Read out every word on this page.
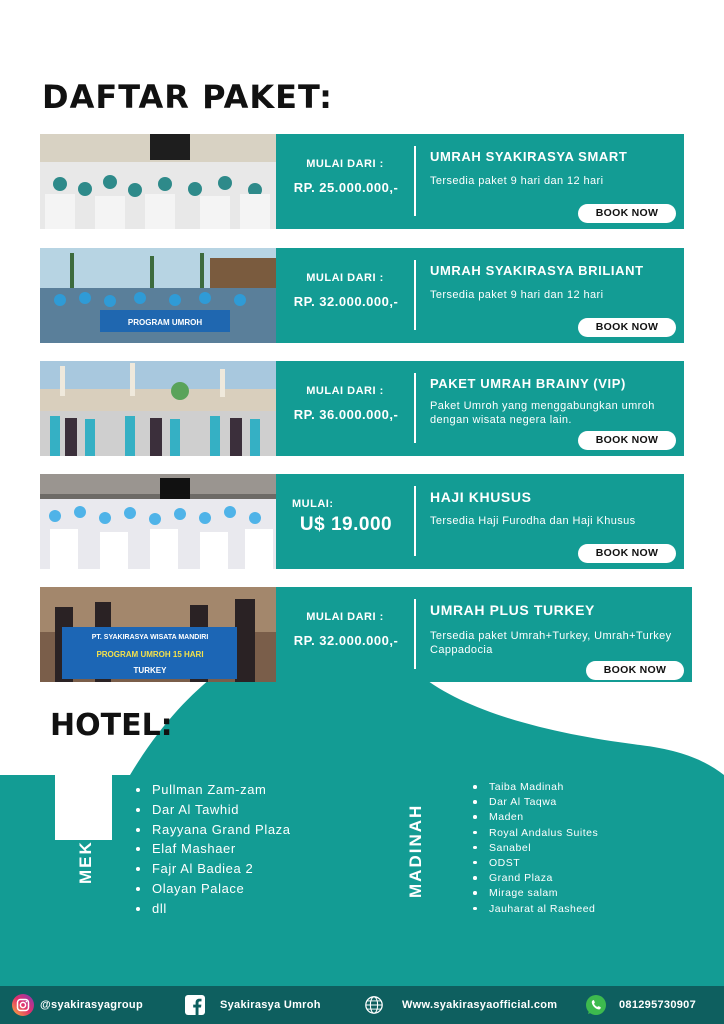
DAFTAR PAKET:
MULAI DARI :
RP. 25.000.000,-
UMRAH SYAKIRASYA SMART
Tersedia paket 9 hari dan 12 hari
BOOK NOW
PROGRAM UMROH
MULAI DARI :
RP. 32.000.000,-
UMRAH SYAKIRASYA BRILIANT
Tersedia paket 9 hari dan 12 hari
BOOK NOW
MULAI DARI :
RP. 36.000.000,-
PAKET UMRAH BRAINY (VIP)
Paket Umroh yang menggabungkan umroh dengan wisata negera lain.
BOOK NOW
MULAI:
U$ 19.000
HAJI KHUSUS
Tersedia Haji Furodha dan Haji Khusus
BOOK NOW
PT. SYAKIRASYA WISATA MANDIRI
PROGRAM UMROH 15 HARI
TURKEY
MULAI DARI :
RP. 32.000.000,-
UMRAH PLUS TURKEY
Tersedia paket Umrah+Turkey, Umrah+Turkey Cappadocia
BOOK NOW
HOTEL:
MEKKAH
Pullman Zam-zam
Dar Al Tawhid
Rayyana Grand Plaza
Elaf Mashaer
Fajr Al Badiea 2
Olayan Palace
dll
MADINAH
Taiba Madinah
Dar Al Taqwa
Maden
Royal Andalus Suites
Sanabel
ODST
Grand Plaza
Mirage salam
Jauharat al Rasheed
@syakirasyagroup	Syakirasya Umroh	Www.syakirasyaofficial.com	081295730907
